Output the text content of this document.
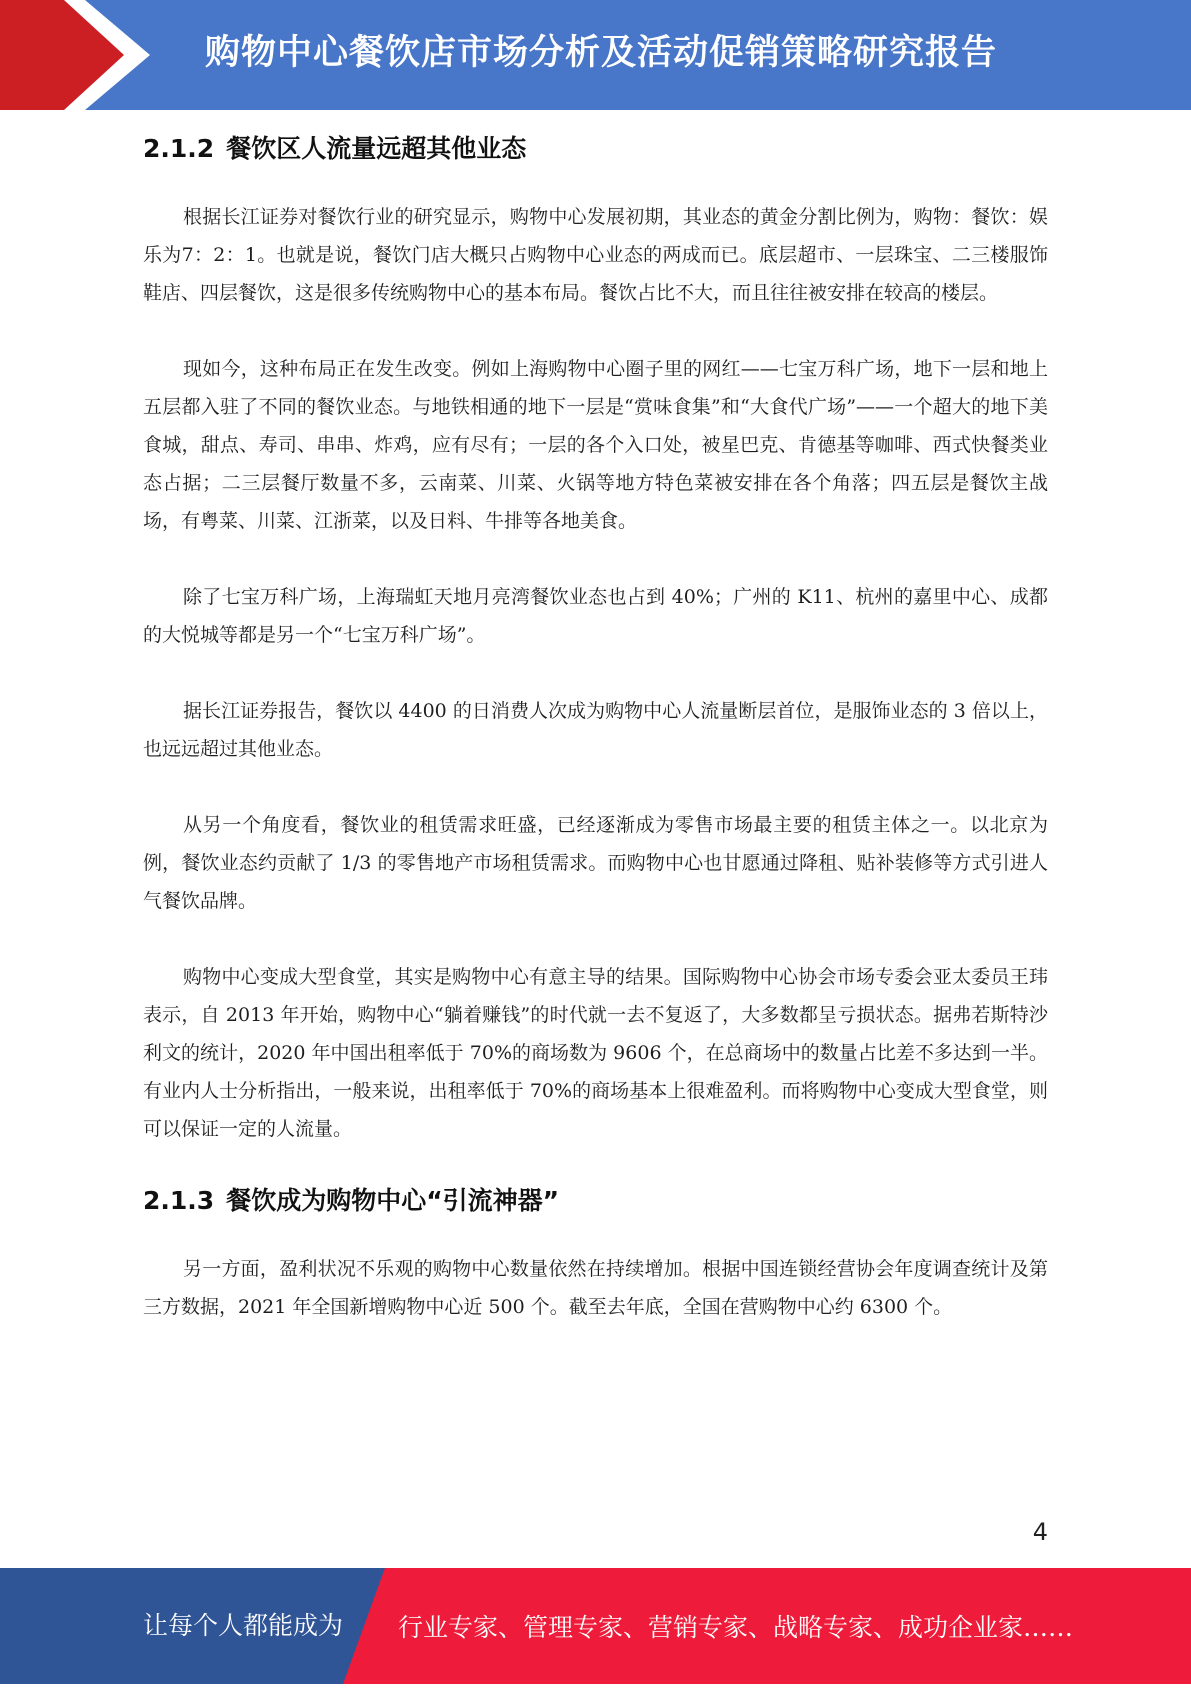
购物中心餐饮店市场分析及活动促销策略研究报告
2.1.2 餐饮区人流量远超其他业态

根据长江证券对餐饮行业的研究显示，购物中心发展初期，其业态的黄金分割比例为，购物：餐饮：娱乐为7：2：1。也就是说，餐饮门店大概只占购物中心业态的两成而已。底层超市、一层珠宝、二三楼服饰鞋店、四层餐饮，这是很多传统购物中心的基本布局。餐饮占比不大，而且往往被安排在较高的楼层。

现如今，这种布局正在发生改变。例如上海购物中心圈子里的网红——七宝万科广场，地下一层和地上五层都入驻了不同的餐饮业态。与地铁相通的地下一层是“赏味食集”和“大食代广场”——一个超大的地下美食城，甜点、寿司、串串、炸鸡，应有尽有；一层的各个入口处，被星巴克、肯德基等咖啡、西式快餐类业态占据；二三层餐厅数量不多，云南菜、川菜、火锅等地方特色菜被安排在各个角落；四五层是餐饮主战场，有粤菜、川菜、江浙菜，以及日料、牛排等各地美食。

除了七宝万科广场，上海瑞虹天地月亮湾餐饮业态也占到 40%；广州的 K11、杭州的嘉里中心、成都的大悦城等都是另一个“七宝万科广场”。

据长江证券报告，餐饮以 4400 的日消费人次成为购物中心人流量断层首位，是服饰业态的 3 倍以上，也远远超过其他业态。

从另一个角度看，餐饮业的租赁需求旺盛，已经逐渐成为零售市场最主要的租赁主体之一。以北京为例，餐饮业态约贡献了 1/3 的零售地产市场租赁需求。而购物中心也甘愿通过降租、贴补装修等方式引进人气餐饮品牌。

购物中心变成大型食堂，其实是购物中心有意主导的结果。国际购物中心协会市场专委会亚太委员王玮表示，自 2013 年开始，购物中心“躺着赚钱”的时代就一去不复返了，大多数都呈亏损状态。据弗若斯特沙利文的统计，2020 年中国出租率低于 70%的商场数为 9606 个，在总商场中的数量占比差不多达到一半。有业内人士分析指出，一般来说，出租率低于 70%的商场基本上很难盈利。而将购物中心变成大型食堂，则可以保证一定的人流量。

2.1.3 餐饮成为购物中心“引流神器”

另一方面，盈利状况不乐观的购物中心数量依然在持续增加。根据中国连锁经营协会年度调查统计及第三方数据，2021 年全国新增购物中心近 500 个。截至去年底，全国在营购物中心约 6300 个。

4
让每个人都能成为 行业专家、管理专家、营销专家、战略专家、成功企业家……
